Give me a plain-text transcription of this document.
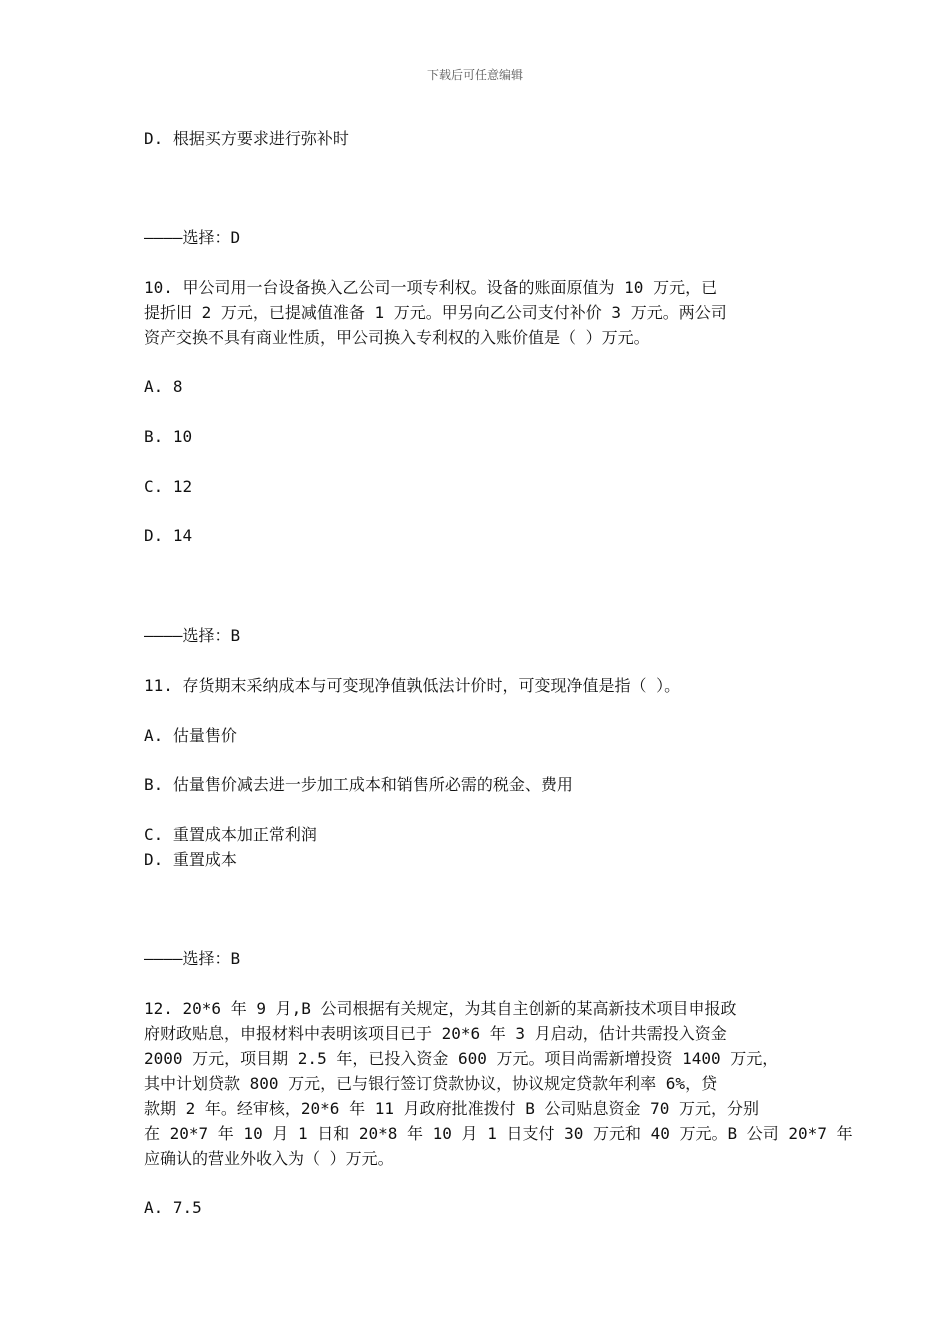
下载后可任意编辑
D. 根据买方要求进行弥补时
————选择：D
10. 甲公司用一台设备换入乙公司一项专利权。设备的账面原值为 10 万元，已
提折旧 2 万元，已提减值准备 1 万元。甲另向乙公司支付补价 3 万元。两公司
资产交换不具有商业性质，甲公司换入专利权的入账价值是（ ）万元。
A. 8
B. 10
C. 12
D. 14
————选择：B
11. 存货期末采纳成本与可变现净值孰低法计价时，可变现净值是指（ ）。
A. 估量售价
B. 估量售价减去进一步加工成本和销售所必需的税金、费用
C. 重置成本加正常利润
D. 重置成本
————选择：B
12. 20*6 年 9 月,B 公司根据有关规定，为其自主创新的某高新技术项目申报政
府财政贴息，申报材料中表明该项目已于 20*6 年 3 月启动，估计共需投入资金
2000 万元，项目期 2.5 年，已投入资金 600 万元。项目尚需新增投资 1400 万元，
其中计划贷款 800 万元，已与银行签订贷款协议，协议规定贷款年利率 6%，贷
款期 2 年。经审核，20*6 年 11 月政府批准拨付 B 公司贴息资金 70 万元，分别
在 20*7 年 10 月 1 日和 20*8 年 10 月 1 日支付 30 万元和 40 万元。B 公司 20*7 年
应确认的营业外收入为（ ）万元。
A. 7.5
